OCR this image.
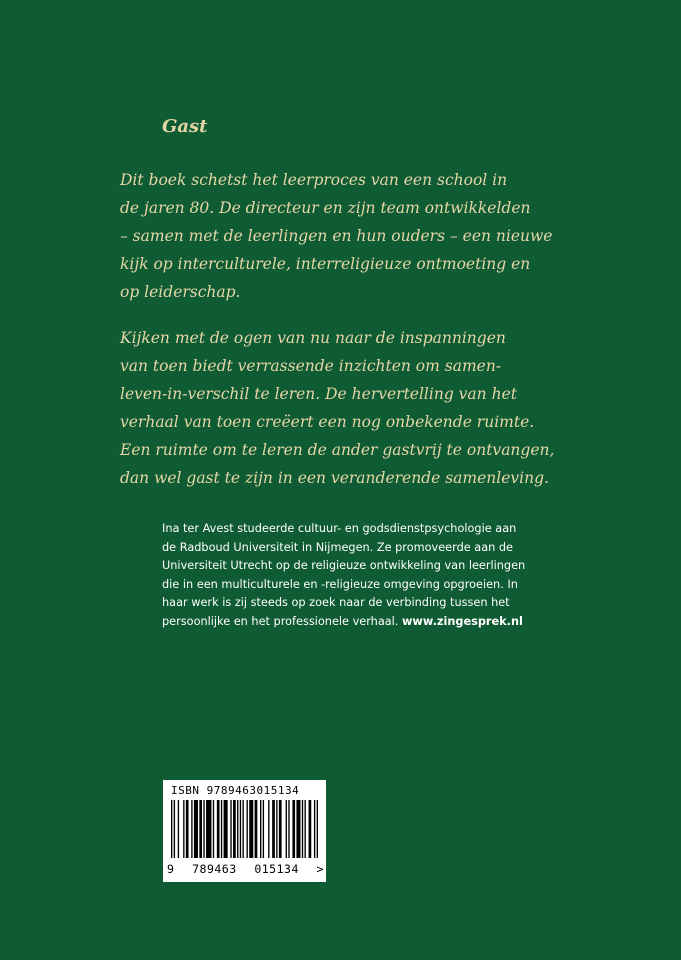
Gast
Dit boek schetst het leerproces van een school in
de jaren 80. De directeur en zijn team ontwikkelden
– samen met de leerlingen en hun ouders – een nieuwe
kijk op interculturele, interreligieuze ontmoeting en
op leiderschap.
Kijken met de ogen van nu naar de inspanningen
van toen biedt verrassende inzichten om samen-
leven-in-verschil te leren. De hervertelling van het
verhaal van toen creëert een nog onbekende ruimte.
Een ruimte om te leren de ander gastvrij te ontvangen,
dan wel gast te zijn in een veranderende samenleving.
Ina ter Avest studeerde cultuur- en godsdienstpsychologie aan
de Radboud Universiteit in Nijmegen. Ze promoveerde aan de
Universiteit Utrecht op de religieuze ontwikkeling van leerlingen
die in een multiculturele en -religieuze omgeving opgroeien. In
haar werk is zij steeds op zoek naar de verbinding tussen het
persoonlijke en het professionele verhaal. www.zingesprek.nl
ISBN 9789463015134
9 789463 015134 >
